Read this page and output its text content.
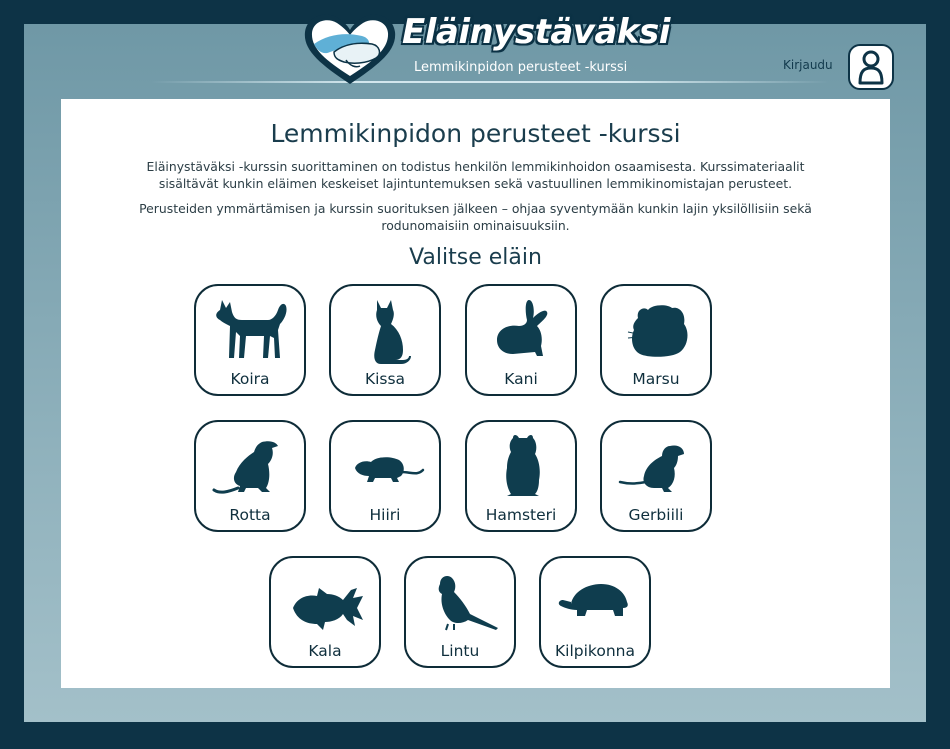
Eläinystäväksi
Lemmikinpidon perusteet -kurssi	Kirjaudu
Lemmikinpidon perusteet -kurssi

Eläinystäväksi -kurssin suorittaminen on todistus henkilön lemmikinhoidon osaamisesta. Kurssimateriaalit sisältävät kunkin eläimen keskeiset lajintuntemuksen sekä vastuullinen lemmikinomistajan perusteet.

Perusteiden ymmärtämisen ja kurssin suorituksen jälkeen – ohjaa syventymään kunkin lajin yksilöllisiin sekä rodunomaisiin ominaisuuksiin.

Valitse eläin
Koira	Kissa	Kani	Marsu
Rotta	Hiiri	Hamsteri	Gerbiili
Kala	Lintu	Kilpikonna
